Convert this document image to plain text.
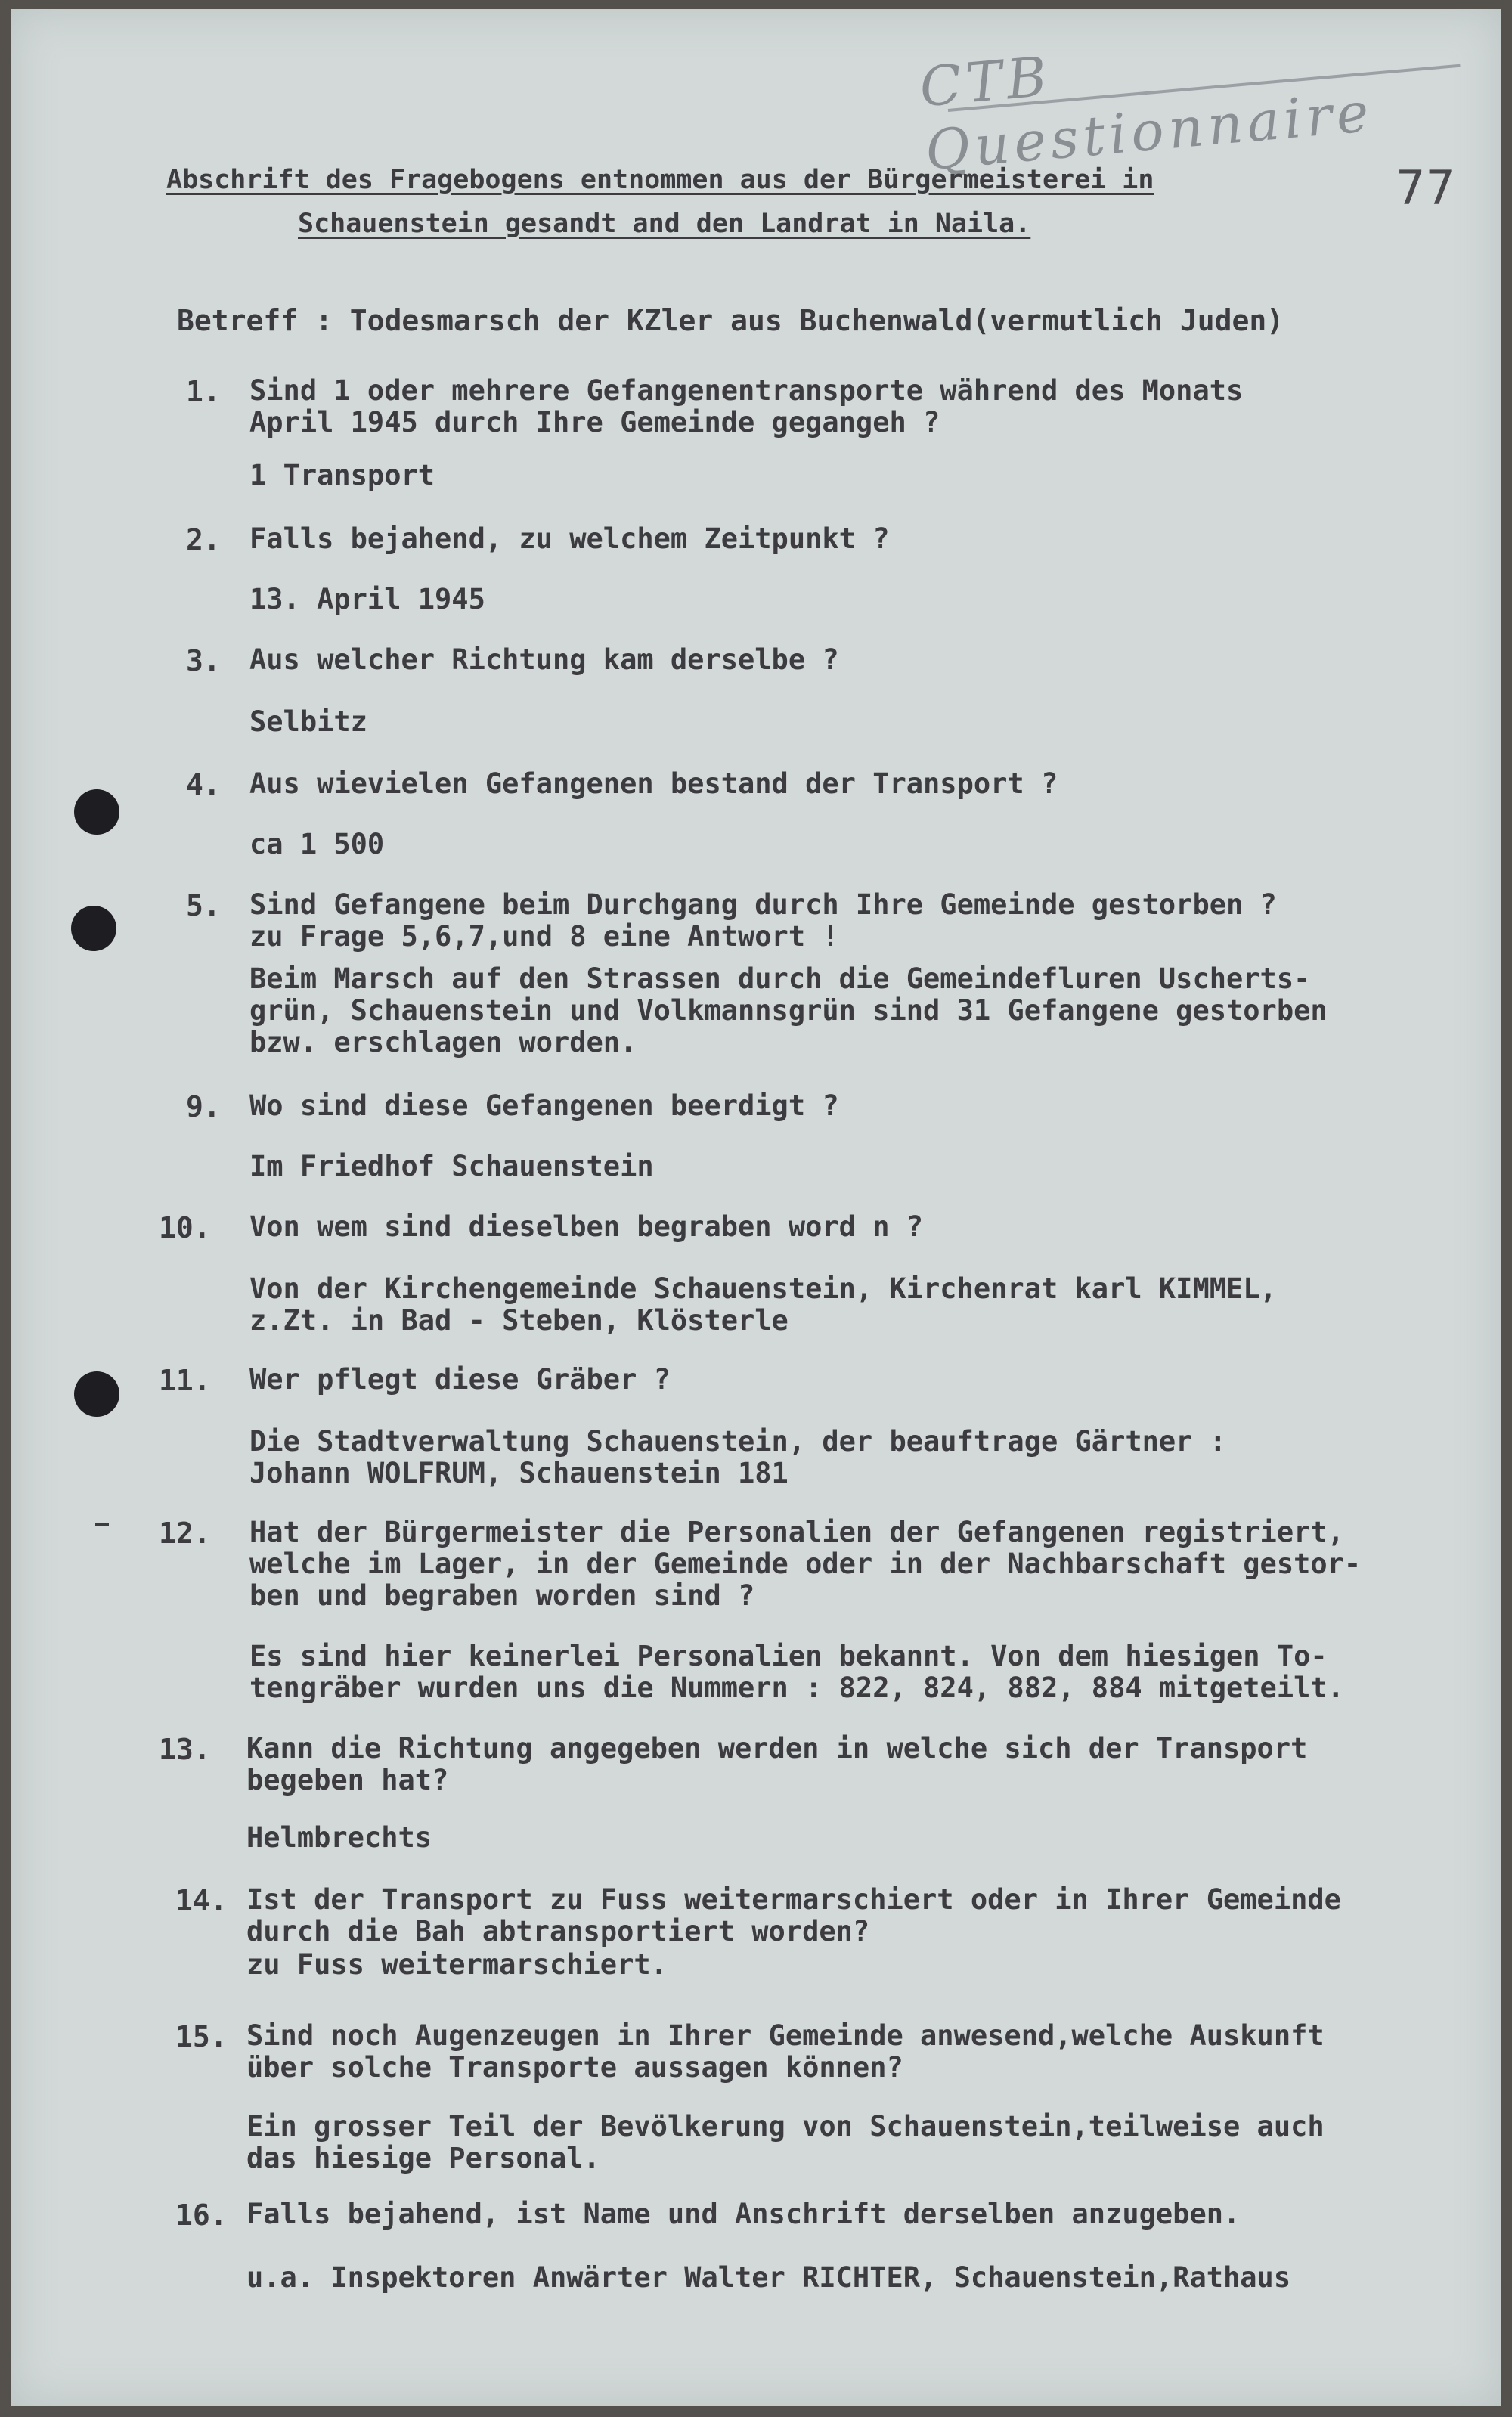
CTB Questionnaire
77
Abschrift des Fragebogens entnommen aus der Bürgermeisterei in
Schauenstein gesandt and den Landrat in Naila.
Betreff : Todesmarsch der KZler aus Buchenwald(vermutlich Juden)
1. Sind 1 oder mehrere Gefangenentransporte während des Monats
April 1945 durch Ihre Gemeinde gegangeh ?
1 Transport
2. Falls bejahend, zu welchem Zeitpunkt ?
13. April 1945
3. Aus welcher Richtung kam derselbe ?
Selbitz
4. Aus wievielen Gefangenen bestand der Transport ?
ca 1 500
5. Sind Gefangene beim Durchgang durch Ihre Gemeinde gestorben ?
zu Frage 5,6,7,und 8 eine Antwort !
Beim Marsch auf den Strassen durch die Gemeindefluren Uscherts-
grün, Schauenstein und Volkmannsgrün sind 31 Gefangene gestorben
bzw. erschlagen worden.
9. Wo sind diese Gefangenen beerdigt ?
Im Friedhof Schauenstein
10. Von wem sind dieselben begraben word n ?
Von der Kirchengemeinde Schauenstein, Kirchenrat karl KIMMEL,
z.Zt. in Bad - Steben, Klösterle
11. Wer pflegt diese Gräber ?
Die Stadtverwaltung Schauenstein, der beauftrage Gärtner :
Johann WOLFRUM, Schauenstein 181
12. Hat der Bürgermeister die Personalien der Gefangenen registriert,
welche im Lager, in der Gemeinde oder in der Nachbarschaft gestor-
ben und begraben worden sind ?
Es sind hier keinerlei Personalien bekannt. Von dem hiesigen To-
tengräber wurden uns die Nummern : 822, 824, 882, 884 mitgeteilt.
13. Kann die Richtung angegeben werden in welche sich der Transport
begeben hat?
Helmbrechts
14. Ist der Transport zu Fuss weitermarschiert oder in Ihrer Gemeinde
durch die Bah abtransportiert worden?
zu Fuss weitermarschiert.
15. Sind noch Augenzeugen in Ihrer Gemeinde anwesend,welche Auskunft
über solche Transporte aussagen können?
Ein grosser Teil der Bevölkerung von Schauenstein,teilweise auch
das hiesige Personal.
16. Falls bejahend, ist Name und Anschrift derselben anzugeben.
u.a. Inspektoren Anwärter Walter RICHTER, Schauenstein,Rathaus
